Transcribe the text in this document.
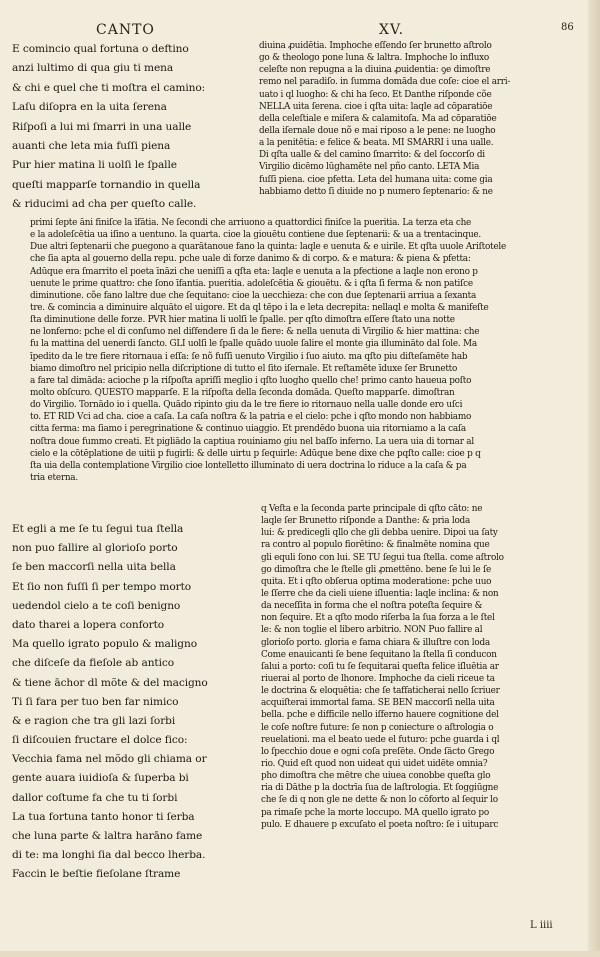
CANTO	XV.	86
E comincio qual fortuna o deftino
anzi lultimo di qua giu ti mena
& chi e quel che ti moſtra el camino:
Laſu diſopra en la uita ſerena
Riſpoſi a lui mi ſmarri in una ualle
auanti che leta mia fuſſi piena
Pur hier matina li uolſi le ſpalle
queſti mapparſe tornandio in quella
& riducimi ad cha per queſto calle.
diuina ꝓuidētia. Imphoche eſſendo ſer brunetto aſtrolo
go & theologo pone luna & laltra. Imphoche lo influxo
celeſte non repugna a la diuina ꝓuidentia: ꝯe dimoſtre
remo nel paradiſo. in ſumma domāda due coſe: cioe el arri-
uato i ql luogho: & chi ha ſeco. Et Danthe riſponde cõe
NELLA uita ſerena. cioe i qſta uita: laqle ad cōparatiōe
della celeſtiale e miſera & calamitoſa. Ma ad cōparatiōe
della iſernale doue nõ e mai riposo a le pene: ne luogho
a la penitētia: e felice & beata. MI SMARRI i una ualle.
Di qſta ualle & del camino ſmarrito: & del ſoccorſo di
Virgilio dicēmo lūghamēte nel pño canto. LETA Mia
fuſſi piena. cioe pfetta. Leta del humana uita: come gia
habbiamo detto ſi diuide no p numero ſeptenario: & ne
primi ſepte āni finiſce la īfātia. Ne ſecondi che arriuono a quattordici finiſce la pueritia. La terza eta che
e la adoleſcētia ua iſino a uentuno. la quarta. cioe la giouētu contiene due ſeptenarii: & ua a trentacinque.
Due altri ſeptenarii che ꝑuegono a quarātanoue fano la quinta: laqle e uenuta & e uirile. Et qſta uuole Ariſtotele
che ſia apta al gouerno della repu. pche uale di forze danimo & di corpo. & e matura: & piena & pfetta:
Adūque era ſmarrito el poeta īnāzi che ueniſſi a qſta eta: laqle e uenuta a la pfectione a laqle non erono p
uenute le prime quattro: che ſono īfantia. pueritia. adoleſcētia & giouētu. & i qſta ſi ferma & non patiſce
diminutione. cõe fano laltre due che ſequitano: cioe la uecchieza: che con due ſeptenarii arriua a ſexanta
tre. & comincia a diminuire alquāto el uigore. Et da ql tēpo i la e leta decrepita: nellaql e molta & manifeſte
ſta diminutione delle forze. PVR hier matina li uolſi le ſpalle. per qſto dimoſtra eſſere ſtato una notte
ne lonferno: pche el di conſumo nel diſfendere ſi da le fiere: & nella uenuta di Virgilio & hier mattina: che
fu la mattina del uenerdi ſancto. GLI uolſi le ſpalle quādo uuole ſalire el monte gia illumināto dal ſole. Ma
īpedito da le tre fiere ritornaua i eſſa: ſe nõ fuſſi uenuto Virgilio i ſuo aiuto. ma qſto piu diſteſamēte hab
biamo dimoſtro nel pricipio nella diſcriptione di tutto el ſito iſernale. Et reſtamēte īduxe ſer Brunetto
a fare tal dimāda: acioche p la riſpoſta apriſſi meglio i qſto luogho quello che! primo canto haueua poſto
molto obſcuro. QUESTO mapparſe. E la riſpoſta della ſeconda domāda. Queſto mapparſe. dimoſtran
do Virgilio. Tornādo io i quella. Quādo ripinto giu da le tre fiere io ritornauo nella ualle donde ero uſci
to. ET RID Vci ad cha. cioe a caſa. La caſa noſtra & la patria e el cielo: pche i qſto mondo non habbiamo
citta ferma: ma ſiamo i peregrinatione & continuo uiaggio. Et prendēdo buona uia ritorniamo a la caſa
noſtra doue fummo creati. Et pigliādo la captiua rouiniamo giu nel baſſo inferno. La uera uia di tornar al
cielo e la cōtēplatione de uitii p fugirli: & delle uirtu p ſequirle: Adūque bene dixe che pqſto calle: cioe p q
ſta uia della contemplatione Virgilio cioe lontelletto illuminato di uera doctrina lo riduce a la caſa & pa
tria eterna.
Et egli a me ſe tu ſegui tua ſtella
non puo fallire al glorioſo porto
ſe ben maccorſi nella uita bella
Et ſio non fuſſi ſi per tempo morto
uedendol cielo a te coſi benigno
dato tharei a lopera conforto
Ma quello igrato populo & maligno
che diſceſe da fieſole ab antico
& tiene āchor dl mõte & del macigno
Ti ſi fara per tuo ben far nimico
& e ragion che tra gli lazi ſorbi
ſi diſcouien fructare el dolce fico:
Vecchia fama nel mõdo gli chiama or
gente auara iuidioſa & ſuperba bi
dallor coſtume fa che tu ti ſorbi
La tua fortuna tanto honor ti ſerba
che luna parte & laltra harāno fame
di te: ma longhi ſia dal becco lherba.
Faccin le beſtie fieſolane ſtrame
q Veſta e la ſeconda parte principale di qſto cāto: ne
laqle ſer Brunetto riſponde a Danthe: & pria loda
lui: & predicegli qllo che gli debba uenire. Dipoi ua ſaty
ra contro al populo fiorētino: & finalmēte nomina que
gli equli ſono con lui. SE TU ſegui tua ſtella. come aſtrolo
go dimoſtra che le ſtelle gli ꝓmettēno. bene ſe lui le ſe
quita. Et i qſto obſerua optima moderatione: pche uuo
le ſſerre che da cieli uiene iſluentia: laqle inclina: & non
da neceſſita in forma che el noſtra poteſta ſequire &
non ſequire. Et a qſto modo riſerba la ſua forza a le ſtel
le: & non toglie el libero arbitrio. NON Puo fallire al
glorioſo porto. gloria e fama chiara & illuſtre con loda
Come enauicanti ſe bene ſequitano la ſtella ſi conducon
ſalui a porto: coſi tu ſe ſequitarai queſta felice iſluētia ar
riuerai al porto de lhonore. Imphoche da cieli riceue ta
le doctrina & eloquētia: che ſe taffaticherai nello ſcriuer
acquiſterai immortal fama. SE BEN maccorſi nella uita
bella. pche e difficile nello iſferno hauere cognitione del
le coſe noſtre future: ſe non p coniecture o aſtrologia o
reuelationi. ma el beato uede el futuro: pche guarda i ql
lo ſpecchio doue e ogni coſa preſēte. Onde ſācto Grego
rio. Quid eſt quod non uideat qui uidet uidēte omnia?
pho dimoſtra che mētre che uiuea conobbe queſta glo
ria di Dāthe p la doctrīa ſua de laſtrologia. Et ſoggiūgne
che ſe di q non gle ne dette & non lo cōforto al ſequir lo
pa rimaſe pche la morte loccupo. MA quello igrato po
pulo. E dhauere p excuſato el poeta noſtro: ſe i uituparc
L iiii
